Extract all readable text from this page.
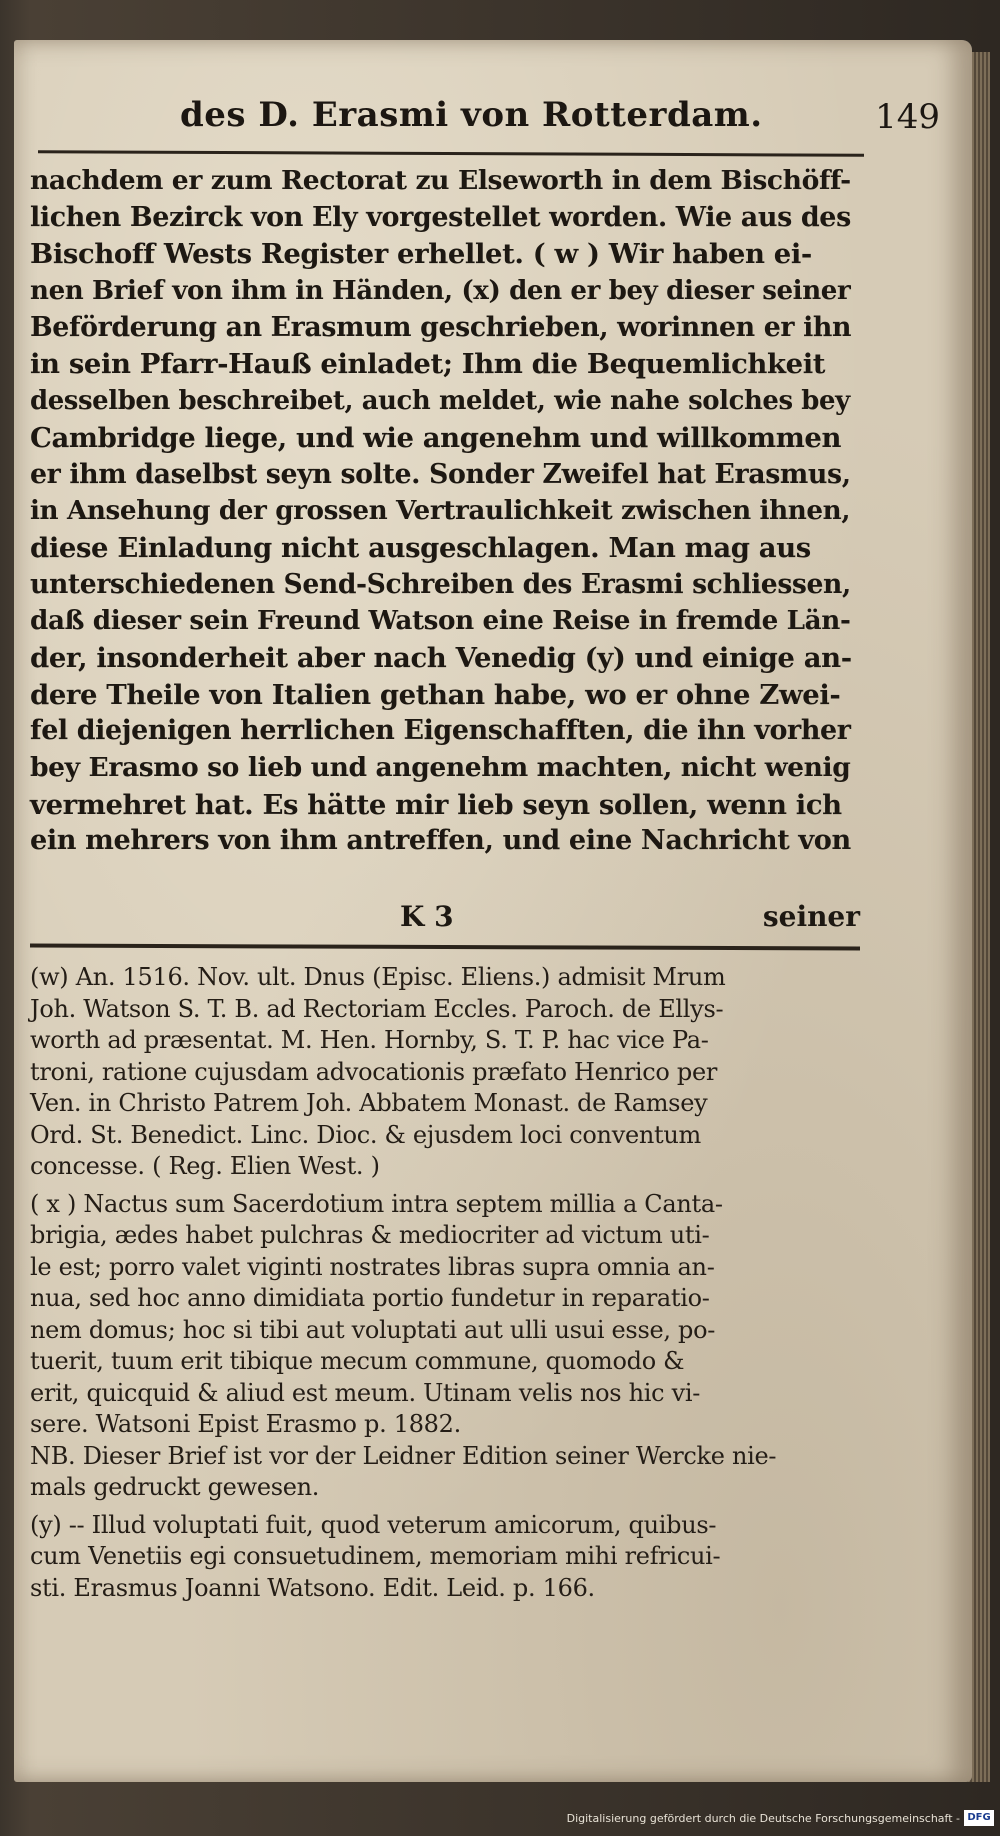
des D. Erasmi von Rotterdam.	149
nachdem er zum Rectorat zu Elseworth in dem Bischöff-
lichen Bezirck von Ely vorgestellet worden. Wie aus des
Bischoff Wests Register erhellet. ( w ) Wir haben ei-
nen Brief von ihm in Händen, (x) den er bey dieser seiner
Beförderung an Erasmum geschrieben, worinnen er ihn
in sein Pfarr-Hauß einladet; Ihm die Bequemlichkeit
desselben beschreibet, auch meldet, wie nahe solches bey
Cambridge liege, und wie angenehm und willkommen
er ihm daselbst seyn solte. Sonder Zweifel hat Erasmus,
in Ansehung der grossen Vertraulichkeit zwischen ihnen,
diese Einladung nicht ausgeschlagen. Man mag aus
unterschiedenen Send-Schreiben des Erasmi schliessen,
daß dieser sein Freund Watson eine Reise in fremde Län-
der, insonderheit aber nach Venedig (y) und einige an-
dere Theile von Italien gethan habe, wo er ohne Zwei-
fel diejenigen herrlichen Eigenschafften, die ihn vorher
bey Erasmo so lieb und angenehm machten, nicht wenig
vermehret hat. Es hätte mir lieb seyn sollen, wenn ich
ein mehrers von ihm antreffen, und eine Nachricht von
K 3	seiner
(w) An. 1516. Nov. ult. Dnus (Episc. Eliens.) admisit Mrum
Joh. Watson S. T. B. ad Rectoriam Eccles. Paroch. de Ellys-
worth ad præsentat. M. Hen. Hornby, S. T. P. hac vice Pa-
troni, ratione cujusdam advocationis præfato Henrico per
Ven. in Christo Patrem Joh. Abbatem Monast. de Ramsey
Ord. St. Benedict. Linc. Dioc. & ejusdem loci conventum
concesse. ( Reg. Elien West. )
( x ) Nactus sum Sacerdotium intra septem millia a Canta-
brigia, ædes habet pulchras & mediocriter ad victum uti-
le est; porro valet viginti nostrates libras supra omnia an-
nua, sed hoc anno dimidiata portio fundetur in reparatio-
nem domus; hoc si tibi aut voluptati aut ulli usui esse, po-
tuerit, tuum erit tibique mecum commune, quomodo &
erit, quicquid & aliud est meum. Utinam velis nos hic vi-
sere. Watsoni Epist Erasmo p. 1882.
NB. Dieser Brief ist vor der Leidner Edition seiner Wercke nie-
mals gedruckt gewesen.
(y) -- Illud voluptati fuit, quod veterum amicorum, quibus-
cum Venetiis egi consuetudinem, memoriam mihi refricui-
sti. Erasmus Joanni Watsono. Edit. Leid. p. 166.
Digitalisierung gefördert durch die Deutsche Forschungsgemeinschaft - DFG
